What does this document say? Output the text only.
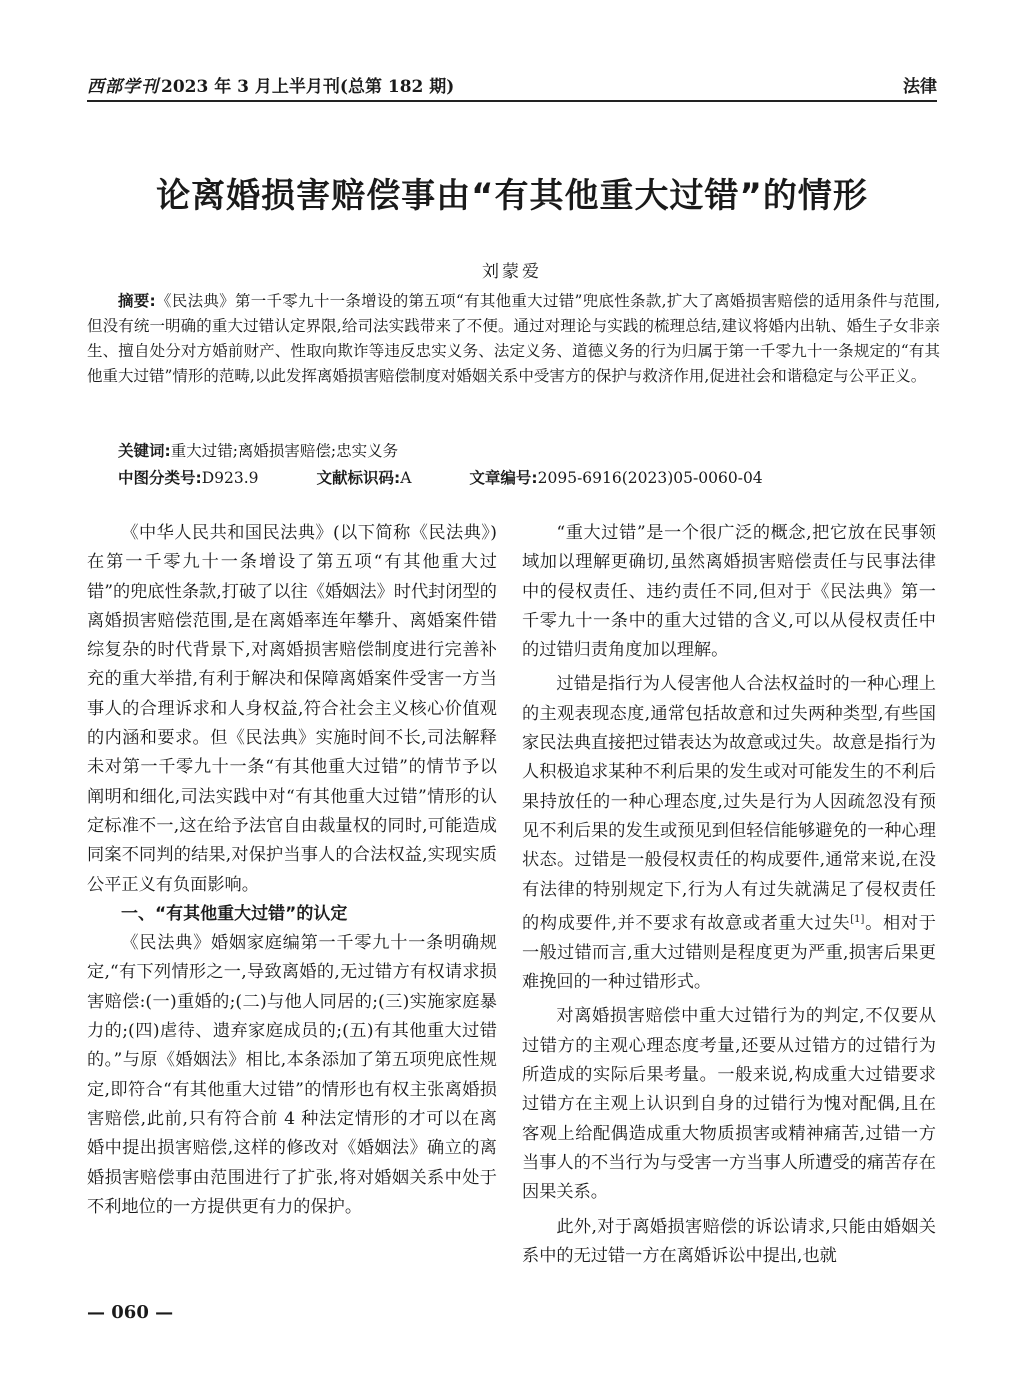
西部学刊 2023 年 3 月上半月刊(总第 182 期)	法律
论离婚损害赔偿事由“有其他重大过错”的情形
刘蒙爱

摘要:《民法典》第一千零九十一条增设的第五项“有其他重大过错”兜底性条款,扩大了离婚损害赔偿的适用条件与范围,但没有统一明确的重大过错认定界限,给司法实践带来了不便。通过对理论与实践的梳理总结,建议将婚内出轨、婚生子女非亲生、擅自处分对方婚前财产、性取向欺诈等违反忠实义务、法定义务、道德义务的行为归属于第一千零九十一条规定的“有其他重大过错”情形的范畴,以此发挥离婚损害赔偿制度对婚姻关系中受害方的保护与救济作用,促进社会和谐稳定与公平正义。

关键词:重大过错;离婚损害赔偿;忠实义务
中图分类号:D923.9	文献标识码:A	文章编号:2095-6916(2023)05-0060-04

《中华人民共和国民法典》(以下简称《民法典》)在第一千零九十一条增设了第五项“有其他重大过错”的兜底性条款,打破了以往《婚姻法》时代封闭型的离婚损害赔偿范围,是在离婚率连年攀升、离婚案件错综复杂的时代背景下,对离婚损害赔偿制度进行完善补充的重大举措,有利于解决和保障离婚案件受害一方当事人的合理诉求和人身权益,符合社会主义核心价值观的内涵和要求。但《民法典》实施时间不长,司法解释未对第一千零九十一条“有其他重大过错”的情节予以阐明和细化,司法实践中对“有其他重大过错”情形的认定标准不一,这在给予法官自由裁量权的同时,可能造成同案不同判的结果,对保护当事人的合法权益,实现实质公平正义有负面影响。

一、“有其他重大过错”的认定

《民法典》婚姻家庭编第一千零九十一条明确规定,“有下列情形之一,导致离婚的,无过错方有权请求损害赔偿:(一)重婚的;(二)与他人同居的;(三)实施家庭暴力的;(四)虐待、遗弃家庭成员的;(五)有其他重大过错的。”与原《婚姻法》相比,本条添加了第五项兜底性规定,即符合“有其他重大过错”的情形也有权主张离婚损害赔偿,此前,只有符合前 4 种法定情形的才可以在离婚中提出损害赔偿,这样的修改对《婚姻法》确立的离婚损害赔偿事由范围进行了扩张,将对婚姻关系中处于不利地位的一方提供更有力的保护。

“重大过错”是一个很广泛的概念,把它放在民事领域加以理解更确切,虽然离婚损害赔偿责任与民事法律中的侵权责任、违约责任不同,但对于《民法典》第一千零九十一条中的重大过错的含义,可以从侵权责任中的过错归责角度加以理解。

过错是指行为人侵害他人合法权益时的一种心理上的主观表现态度,通常包括故意和过失两种类型,有些国家民法典直接把过错表达为故意或过失。故意是指行为人积极追求某种不利后果的发生或对可能发生的不利后果持放任的一种心理态度,过失是行为人因疏忽没有预见不利后果的发生或预见到但轻信能够避免的一种心理状态。过错是一般侵权责任的构成要件,通常来说,在没有法律的特别规定下,行为人有过失就满足了侵权责任的构成要件,并不要求有故意或者重大过失[1]。相对于一般过错而言,重大过错则是程度更为严重,损害后果更难挽回的一种过错形式。

对离婚损害赔偿中重大过错行为的判定,不仅要从过错方的主观心理态度考量,还要从过错方的过错行为所造成的实际后果考量。一般来说,构成重大过错要求过错方在主观上认识到自身的过错行为愧对配偶,且在客观上给配偶造成重大物质损害或精神痛苦,过错一方当事人的不当行为与受害一方当事人所遭受的痛苦存在因果关系。

此外,对于离婚损害赔偿的诉讼请求,只能由婚姻关系中的无过错一方在离婚诉讼中提出,也就

— 060 —
